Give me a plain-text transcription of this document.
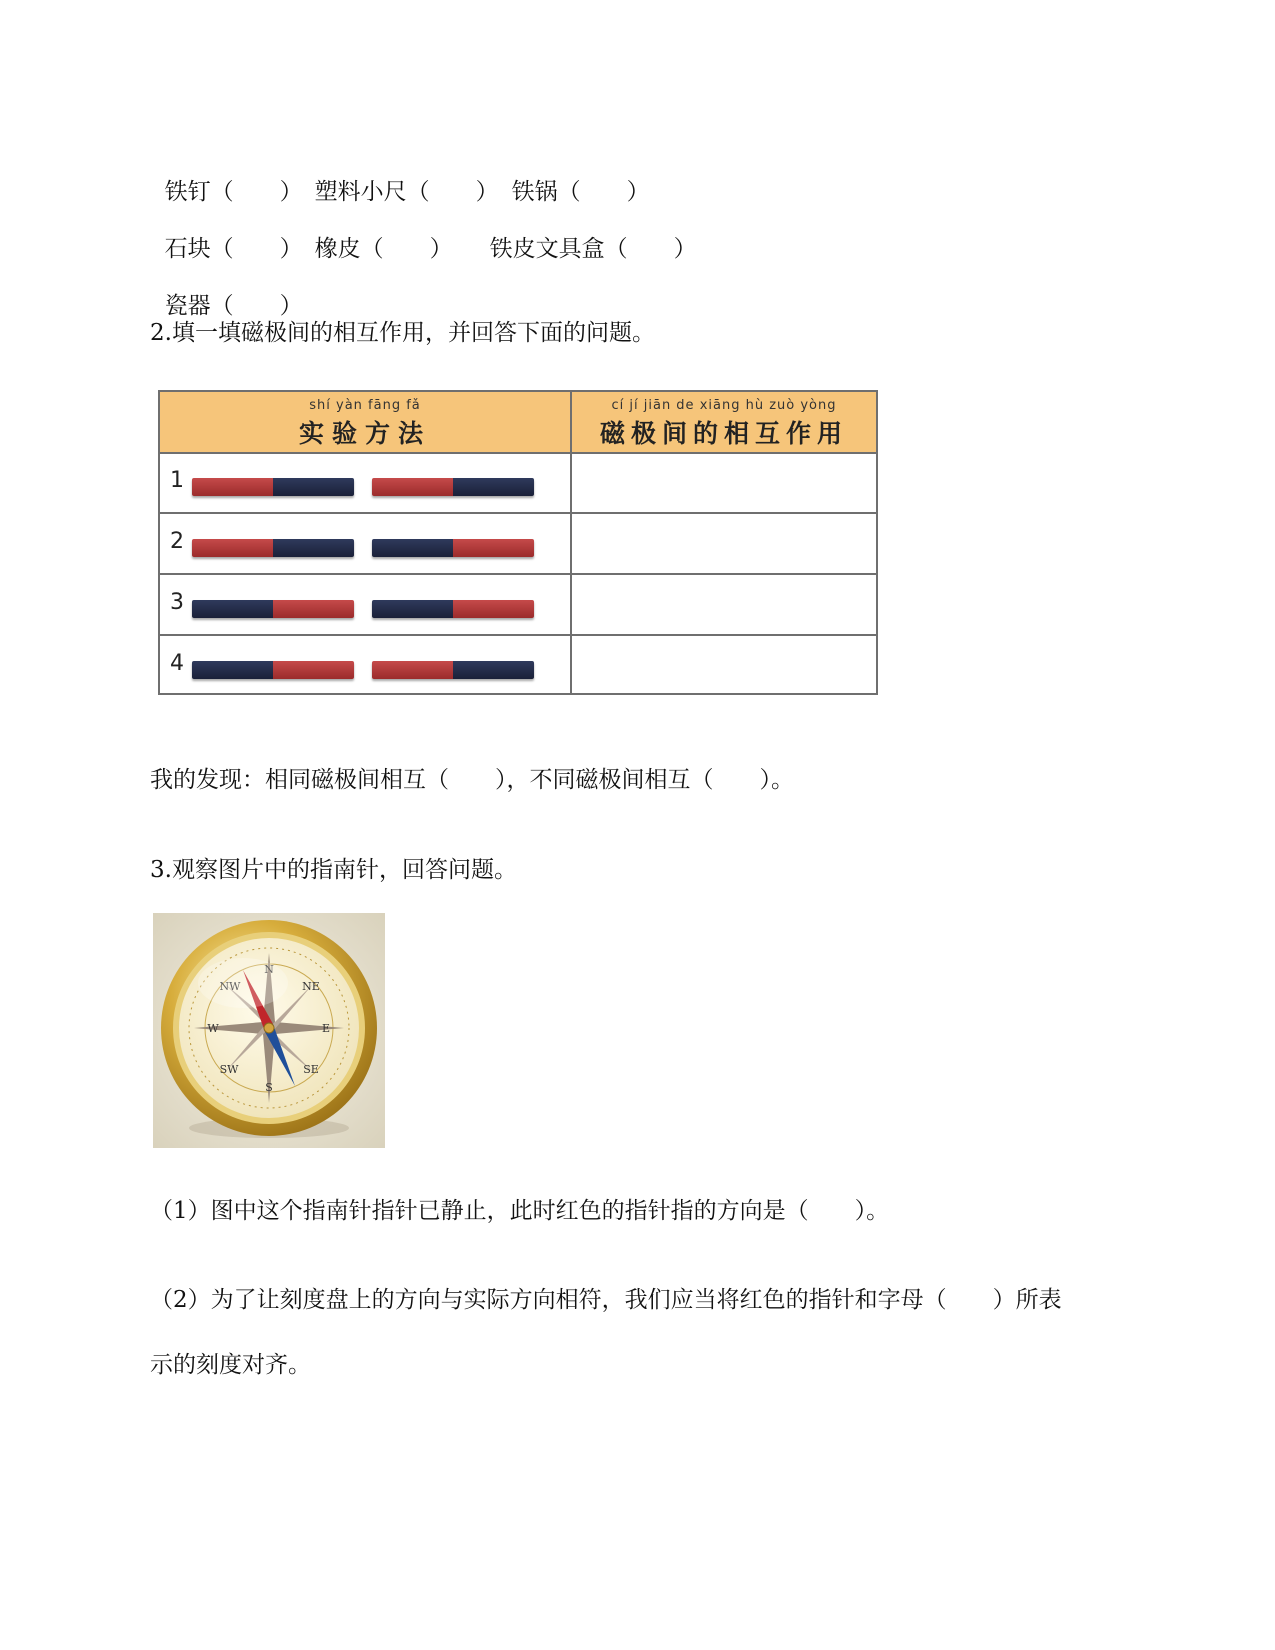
铁钉（　　） 塑料小尺（　　） 铁锅（　　）

石块（　　） 橡皮（　　） 铁皮文具盒（　　）

瓷器（　　）

2.填一填磁极间的相互作用，并回答下面的问题。
shí yàn fāng fǎ
实验方法
cí jí jiān de xiāng hù zuò yòng
磁极间的相互作用
1
2
3
4
我的发现：相同磁极间相互（　　），不同磁极间相互（　　）。
3.观察图片中的指南针，回答问题。
N
NE
E
SE
S
SW
W
NW
（1）图中这个指南针指针已静止，此时红色的指针指的方向是（　　）。
（2）为了让刻度盘上的方向与实际方向相符，我们应当将红色的指针和字母（　　）所表
示的刻度对齐。
